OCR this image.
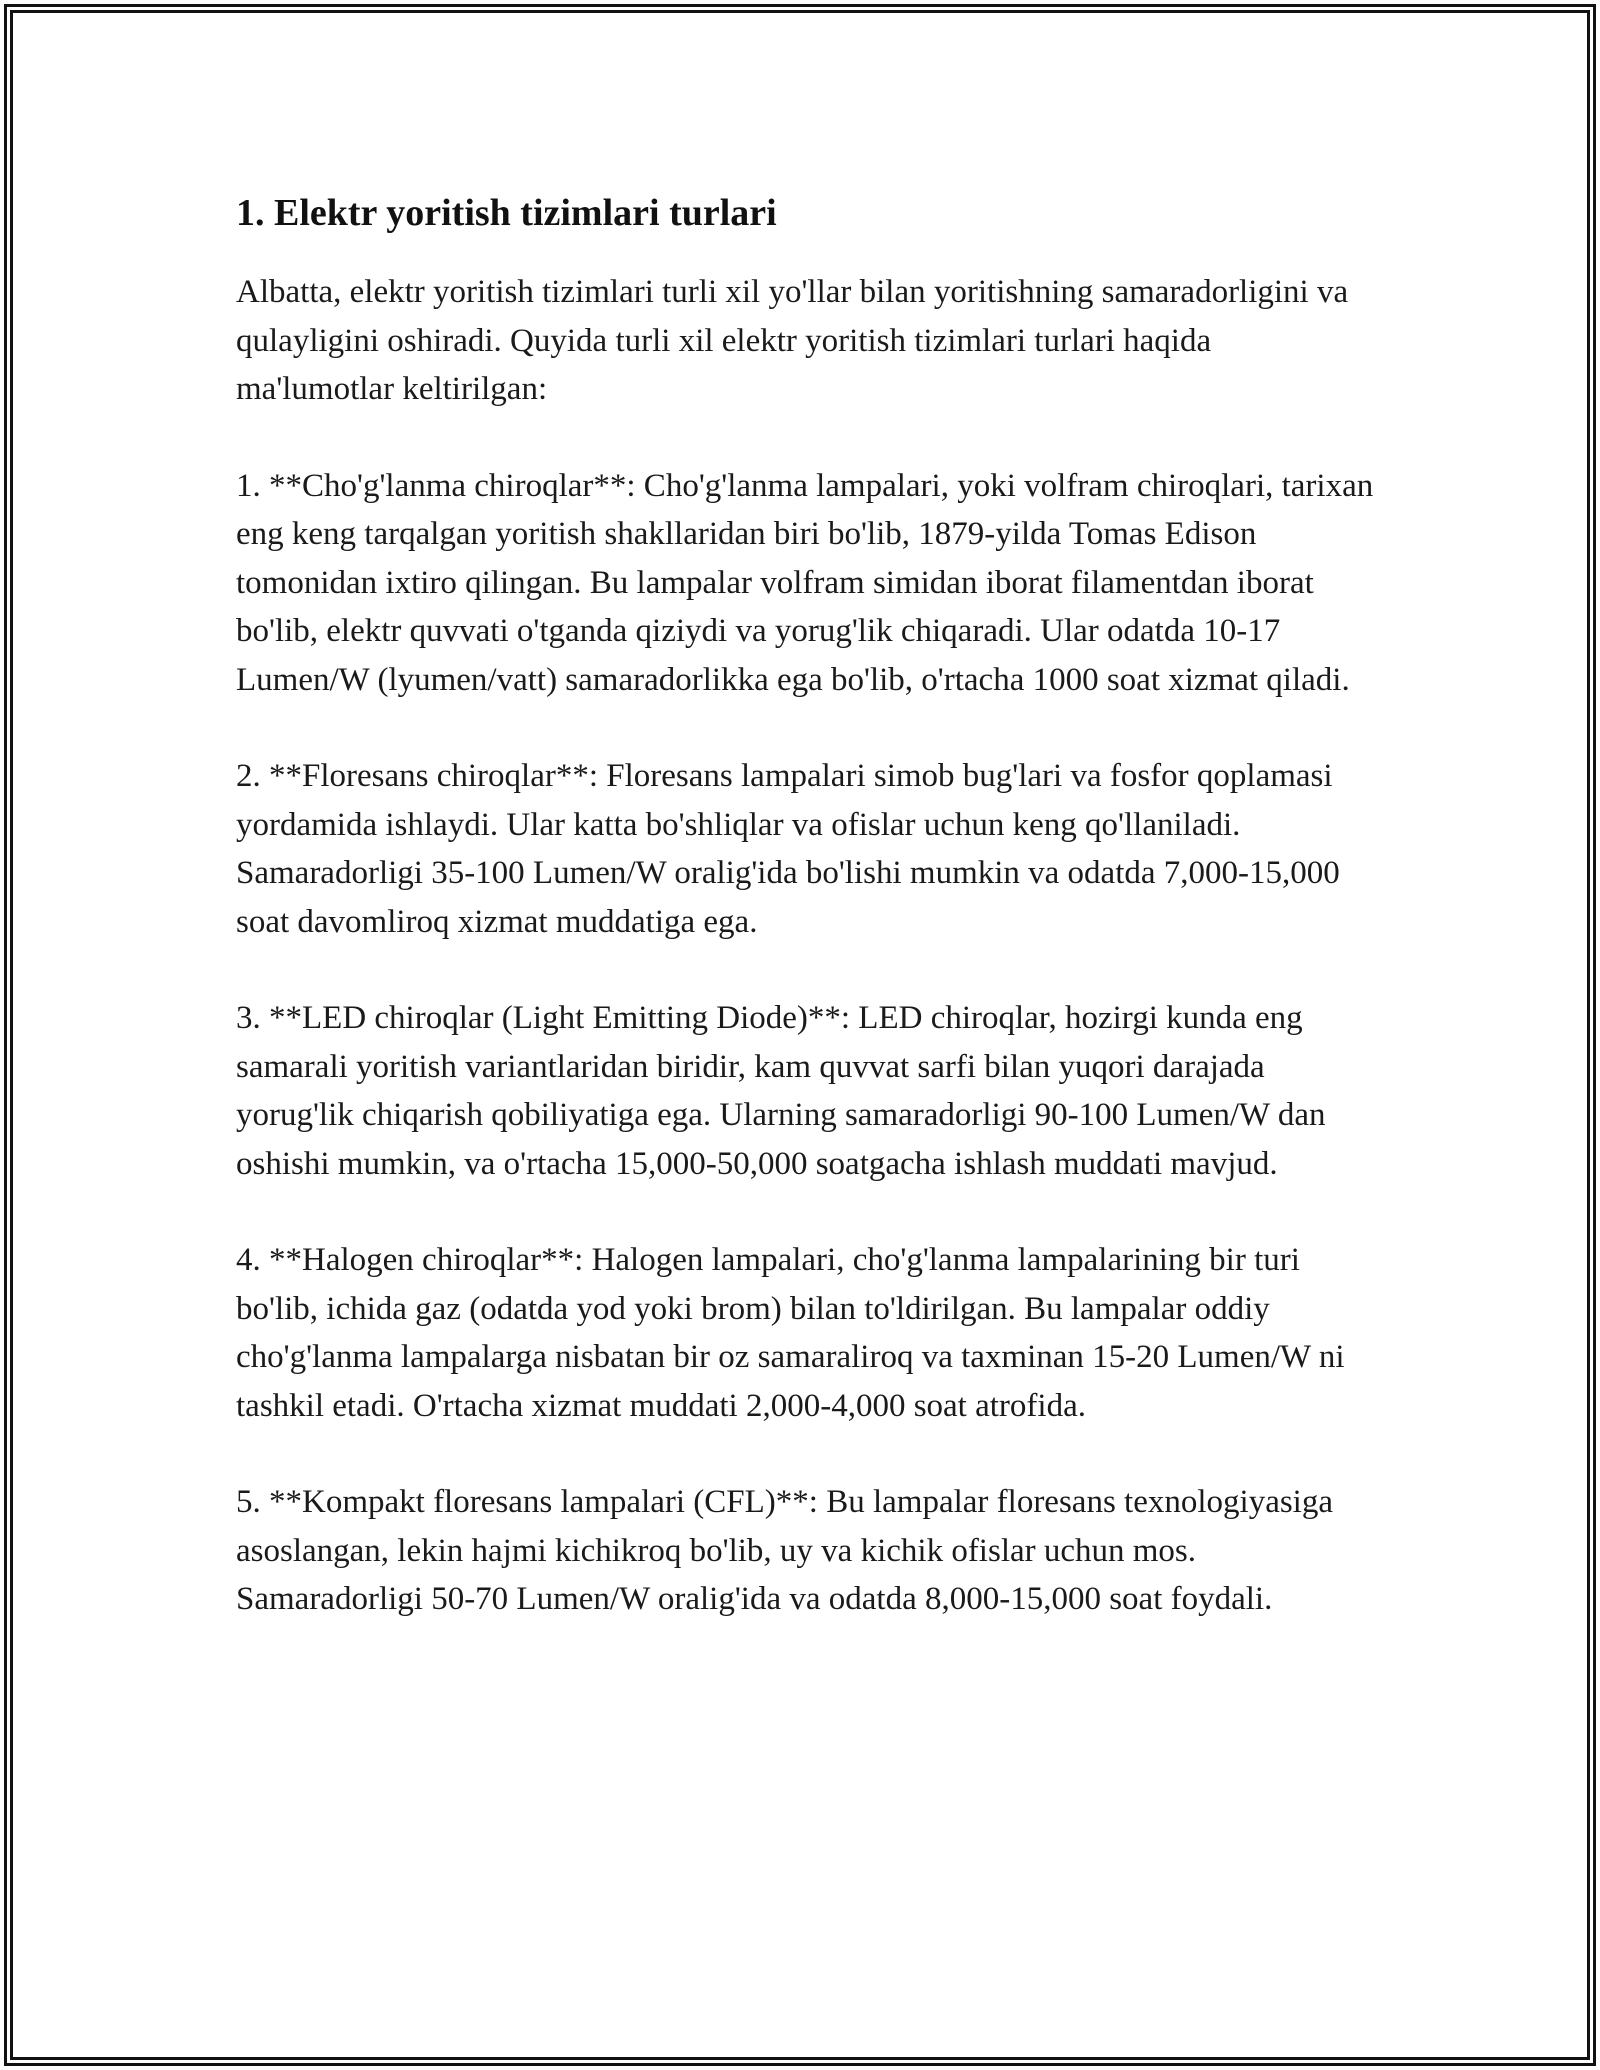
1. Elektr yoritish tizimlari turlari

Albatta, elektr yoritish tizimlari turli xil yo'llar bilan yoritishning samaradorligini va qulayligini oshiradi. Quyida turli xil elektr yoritish tizimlari turlari haqida ma'lumotlar keltirilgan:

1. **Cho'g'lanma chiroqlar**: Cho'g'lanma lampalari, yoki volfram chiroqlari, tarixan eng keng tarqalgan yoritish shakllaridan biri bo'lib, 1879-yilda Tomas Edison tomonidan ixtiro qilingan. Bu lampalar volfram simidan iborat filamentdan iborat bo'lib, elektr quvvati o'tganda qiziydi va yorug'lik chiqaradi. Ular odatda 10-17 Lumen/W (lyumen/vatt) samaradorlikka ega bo'lib, o'rtacha 1000 soat xizmat qiladi.

2. **Floresans chiroqlar**: Floresans lampalari simob bug'lari va fosfor qoplamasi yordamida ishlaydi. Ular katta bo'shliqlar va ofislar uchun keng qo'llaniladi. Samaradorligi 35-100 Lumen/W oralig'ida bo'lishi mumkin va odatda 7,000-15,000 soat davomliroq xizmat muddatiga ega.

3. **LED chiroqlar (Light Emitting Diode)**: LED chiroqlar, hozirgi kunda eng samarali yoritish variantlaridan biridir, kam quvvat sarfi bilan yuqori darajada yorug'lik chiqarish qobiliyatiga ega. Ularning samaradorligi 90-100 Lumen/W dan oshishi mumkin, va o'rtacha 15,000-50,000 soatgacha ishlash muddati mavjud.

4. **Halogen chiroqlar**: Halogen lampalari, cho'g'lanma lampalarining bir turi bo'lib, ichida gaz (odatda yod yoki brom) bilan to'ldirilgan. Bu lampalar oddiy cho'g'lanma lampalarga nisbatan bir oz samaraliroq va taxminan 15-20 Lumen/W ni tashkil etadi. O'rtacha xizmat muddati 2,000-4,000 soat atrofida.

5. **Kompakt floresans lampalari (CFL)**: Bu lampalar floresans texnologiyasiga asoslangan, lekin hajmi kichikroq bo'lib, uy va kichik ofislar uchun mos. Samaradorligi 50-70 Lumen/W oralig'ida va odatda 8,000-15,000 soat foydali.
